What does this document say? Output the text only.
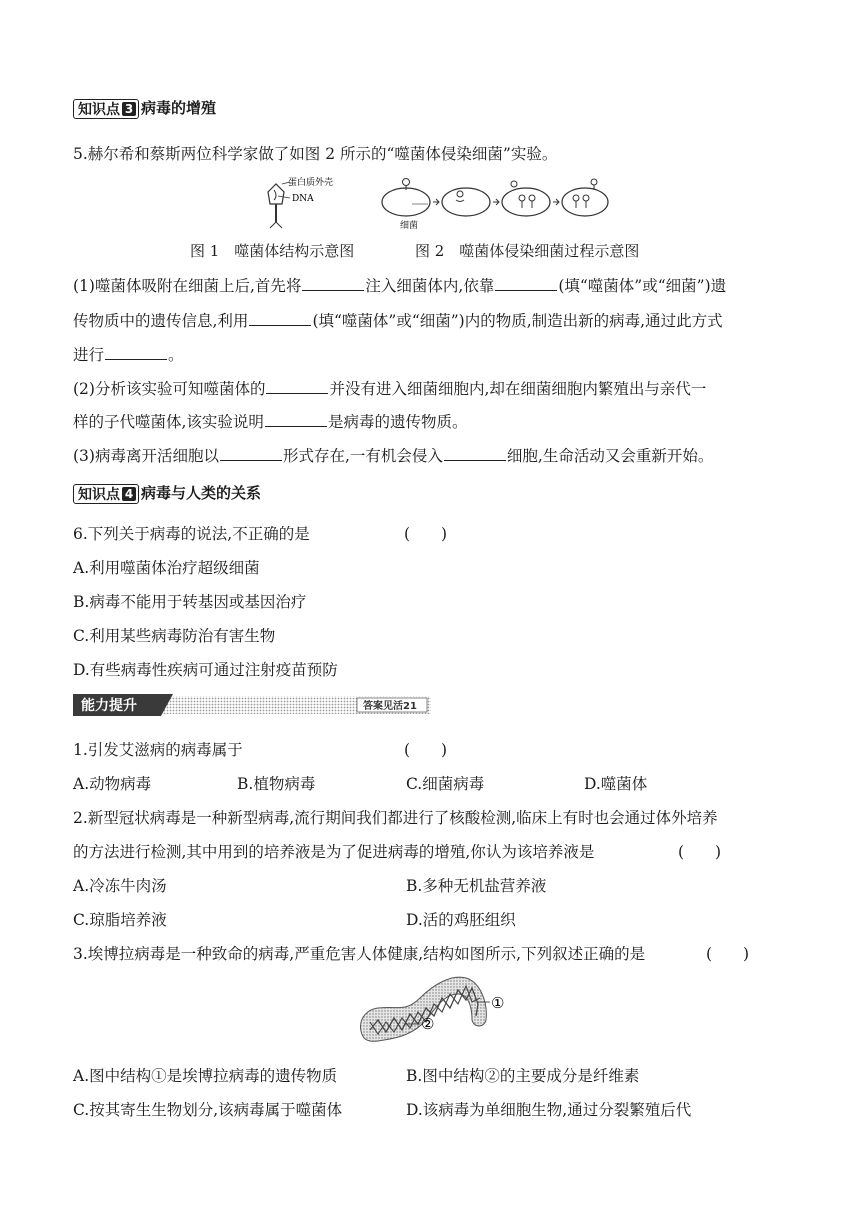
知识点 3 病毒的增殖
5.赫尔希和蔡斯两位科学家做了如图 2 所示的“噬菌体侵染细菌”实验。
蛋白质外壳
DNA
细菌
图 1　噬菌体结构示意图	图 2　噬菌体侵染细菌过程示意图
(1)噬菌体吸附在细菌上后,首先将	注入细菌体内,依靠	(填“噬菌体”或“细菌”)遗
传物质中的遗传信息,利用	(填“噬菌体”或“细菌”)内的物质,制造出新的病毒,通过此方式
进行	。
(2)分析该实验可知噬菌体的	并没有进入细菌细胞内,却在细菌细胞内繁殖出与亲代一
样的子代噬菌体,该实验说明	是病毒的遗传物质。
(3)病毒离开活细胞以	形式存在,一有机会侵入	细胞,生命活动又会重新开始。
知识点 4 病毒与人类的关系
6.下列关于病毒的说法,不正确的是	(　　)
A.利用噬菌体治疗超级细菌
B.病毒不能用于转基因或基因治疗
C.利用某些病毒防治有害生物
D.有些病毒性疾病可通过注射疫苗预防
能力提升	答案见活21
1.引发艾滋病的病毒属于	(　　)
A.动物病毒	B.植物病毒	C.细菌病毒	D.噬菌体
2.新型冠状病毒是一种新型病毒,流行期间我们都进行了核酸检测,临床上有时也会通过体外培养
的方法进行检测,其中用到的培养液是为了促进病毒的增殖,你认为该培养液是	(　　)
A.冷冻牛肉汤	B.多种无机盐营养液
C.琼脂培养液	D.活的鸡胚组织
3.埃博拉病毒是一种致命的病毒,严重危害人体健康,结构如图所示,下列叙述正确的是	(　　)
①
②
A.图中结构①是埃博拉病毒的遗传物质	B.图中结构②的主要成分是纤维素
C.按其寄生生物划分,该病毒属于噬菌体	D.该病毒为单细胞生物,通过分裂繁殖后代
